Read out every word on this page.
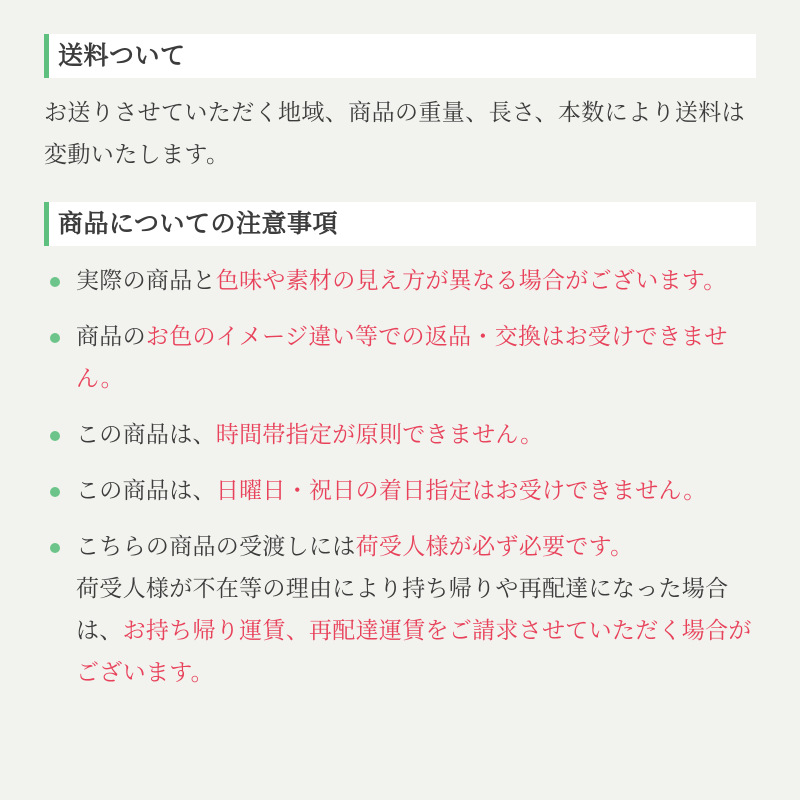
送料ついて

お送りさせていただく地域、商品の重量、長さ、本数により送料は変動いたします。

商品についての注意事項
実際の商品と色味や素材の見え方が異なる場合がございます。
商品のお色のイメージ違い等での返品・交換はお受けできません。
この商品は、時間帯指定が原則できません。
この商品は、日曜日・祝日の着日指定はお受けできません。
こちらの商品の受渡しには荷受人様が必ず必要です。
荷受人様が不在等の理由により持ち帰りや再配達になった場合は、お持ち帰り運賃、再配達運賃をご請求させていただく場合がございます。
